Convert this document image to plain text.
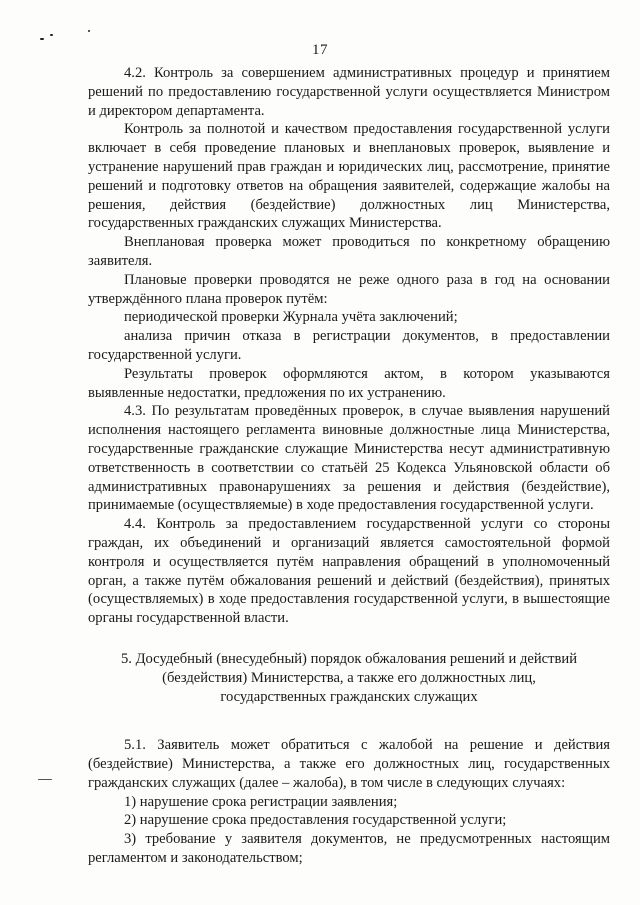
17

4.2. Контроль за совершением административных процедур и принятием решений по предоставлению государственной услуги осуществляется Министром и директором департамента.

Контроль за полнотой и качеством предоставления государственной услуги включает в себя проведение плановых и внеплановых проверок, выявление и устранение нарушений прав граждан и юридических лиц, рассмотрение, принятие решений и подготовку ответов на обращения заявителей, содержащие жалобы на решения, действия (бездействие) должностных лиц Министерства, государственных гражданских служащих Министерства.

Внеплановая проверка может проводиться по конкретному обращению заявителя.

Плановые проверки проводятся не реже одного раза в год на основании утверждённого плана проверок путём:

периодической проверки Журнала учёта заключений;

анализа причин отказа в регистрации документов, в предоставлении государственной услуги.

Результаты проверок оформляются актом, в котором указываются выявленные недостатки, предложения по их устранению.

4.3. По результатам проведённых проверок, в случае выявления нарушений исполнения настоящего регламента виновные должностные лица Министерства, государственные гражданские служащие Министерства несут административную ответственность в соответствии со статьёй 25 Кодекса Ульяновской области об административных правонарушениях за решения и действия (бездействие), принимаемые (осуществляемые) в ходе предоставления государственной услуги.

4.4. Контроль за предоставлением государственной услуги со стороны граждан, их объединений и организаций является самостоятельной формой контроля и осуществляется путём направления обращений в уполномоченный орган, а также путём обжалования решений и действий (бездействия), принятых (осуществляемых) в ходе предоставления государственной услуги, в вышестоящие органы государственной власти.

5. Досудебный (внесудебный) порядок обжалования решений и действий
(бездействия) Министерства, а также его должностных лиц,
государственных гражданских служащих

5.1. Заявитель может обратиться с жалобой на решение и действия (бездействие) Министерства, а также его должностных лиц, государственных гражданских служащих (далее – жалоба), в том числе в следующих случаях:

1) нарушение срока регистрации заявления;

2) нарушение срока предоставления государственной услуги;

3) требование у заявителя документов, не предусмотренных настоящим регламентом и законодательством;
